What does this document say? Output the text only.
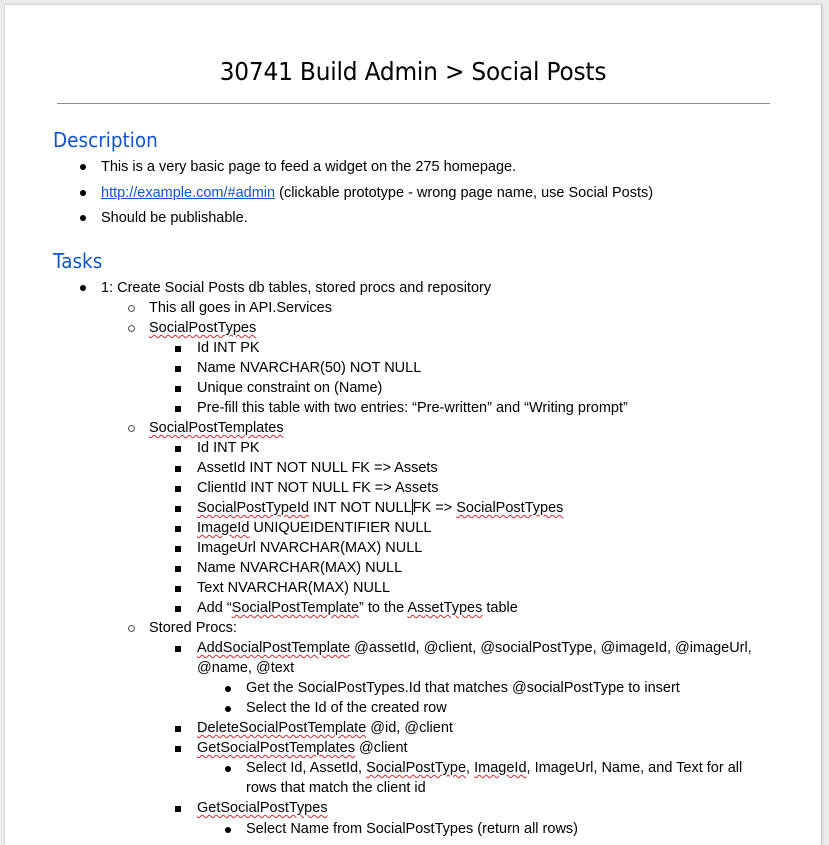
30741 Build Admin > Social Posts
Description
This is a very basic page to feed a widget on the 275 homepage.
http://example.com/#admin (clickable prototype - wrong page name, use Social Posts)
Should be publishable.
Tasks
1: Create Social Posts db tables, stored procs and repository
This all goes in API.Services
SocialPostTypes
Id INT PK
Name NVARCHAR(50) NOT NULL
Unique constraint on (Name)
Pre-fill this table with two entries: “Pre-written” and “Writing prompt”
SocialPostTemplates
Id INT PK
AssetId INT NOT NULL FK => Assets
ClientId INT NOT NULL FK => Assets
SocialPostTypeId INT NOT NULLFK => SocialPostTypes
ImageId UNIQUEIDENTIFIER NULL
ImageUrl NVARCHAR(MAX) NULL
Name NVARCHAR(MAX) NULL
Text NVARCHAR(MAX) NULL
Add “SocialPostTemplate” to the AssetTypes table
Stored Procs:
AddSocialPostTemplate @assetId, @client, @socialPostType, @imageId, @imageUrl,
@name, @text
Get the SocialPostTypes.Id that matches @socialPostType to insert
Select the Id of the created row
DeleteSocialPostTemplate @id, @client
GetSocialPostTemplates @client
Select Id, AssetId, SocialPostType, ImageId, ImageUrl, Name, and Text for all
rows that match the client id
GetSocialPostTypes
Select Name from SocialPostTypes (return all rows)
